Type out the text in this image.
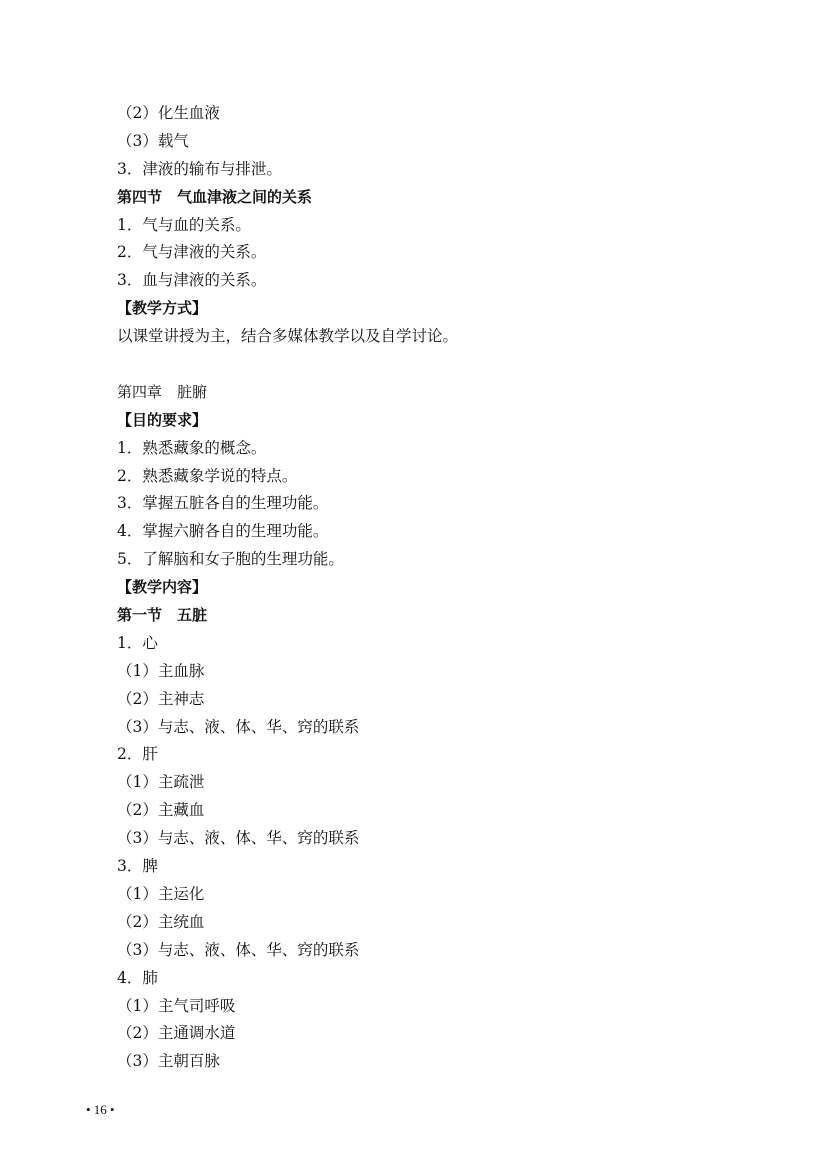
（2）化生血液
（3）载气
3．津液的输布与排泄。
第四节　气血津液之间的关系
1．气与血的关系。
2．气与津液的关系。
3．血与津液的关系。
【教学方式】
以课堂讲授为主，结合多媒体教学以及自学讨论。
第四章　脏腑
【目的要求】
1．熟悉藏象的概念。
2．熟悉藏象学说的特点。
3．掌握五脏各自的生理功能。
4．掌握六腑各自的生理功能。
5．了解脑和女子胞的生理功能。
【教学内容】
第一节　五脏
1．心
（1）主血脉
（2）主神志
（3）与志、液、体、华、窍的联系
2．肝
（1）主疏泄
（2）主藏血
（3）与志、液、体、华、窍的联系
3．脾
（1）主运化
（2）主统血
（3）与志、液、体、华、窍的联系
4．肺
（1）主气司呼吸
（2）主通调水道
（3）主朝百脉
• 16 •
